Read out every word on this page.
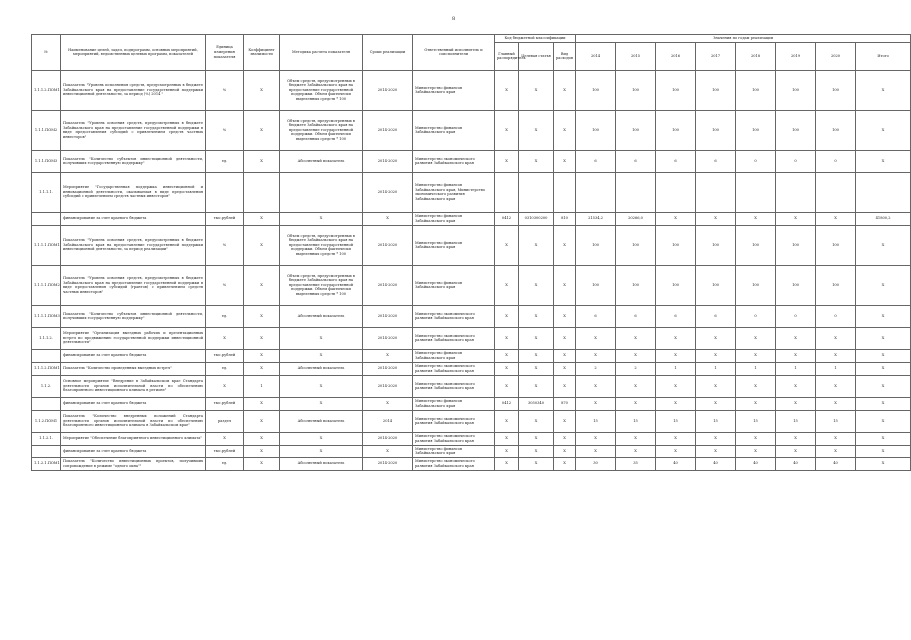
8
№	Наименование целей, задач, подпрограмм, основных мероприятий, мероприятий, ведомственных целевых программ, показателей	Единица измерения показателя	Коэффициент значимости	Методика расчета показателя	Сроки реализации	Ответственный исполнитель и соисполнители	Код бюджетной классификации			Значения по годам реализации							
							Главный распорядитель	Целевая статья	Вид расходов	2014	2015	2016	2017	2018	2019	2020	Итого
1.1.1.2.ПОМ1	Показатель "Уровень исполнения средств, предусмотренных в бюджете Забайкальского края на предоставление государственной поддержки инвестиционной деятельности, за период (%) 2014 "	%	Х	Объем средств, предусмотренных в бюджете Забайкальского края на предоставление государственной поддержки. Объем фактически выделенных средств * 100	2014-2020	Министерство финансов Забайкальского края	Х	Х	Х	100	100	100	100	100	100	100	Х
1.1.1.ПОМ2	Показатель "Уровень освоения средств, предусмотренных в бюджете Забайкальского края на предоставление государственной поддержки в виде предоставления субсидий с привлечением средств частных инвесторов"	%	Х	Объем средств, предусмотренных в бюджете Забайкальского края на предоставление государственной поддержки. Объем фактически выделенных средств * 100	2014-2020	Министерство финансов Забайкальского края	Х	Х	Х	100	100	100	100	100	100	100	Х
1.1.1.ПОМ3	Показатель "Количество субъектов инвестиционной деятельности, получивших государственную поддержку"	ед.	Х	Абсолютный показатель	2014-2020	Министерство экономического развития Забайкальского края	Х	Х	Х	6	6	6	6	0	0	0	Х
1.1.1.1.	Мероприятие "Государственная поддержка инвестиционной и инновационной деятельности, оказываемая в виде предоставления субсидий с привлечением средств частных инвесторов"				2014-2020	Министерство финансов Забайкальского края, Министерство экономического развития Забайкальского края											
	финансирование за счет краевого бюджета	тыс.рублей	Х	Х	Х	Министерство финансов Забайкальского края	0412	0310300200	810	21534,2	20266,0	Х	Х	Х	Х	Х	41800,2
1.1.1.1.ПОМ1	Показатель "Уровень освоения средств, предусмотренных в бюджете Забайкальского края на предоставление государственной поддержки инвестиционной деятельности, за период реализации"	%	Х	Объем средств, предусмотренных в бюджете Забайкальского края на предоставление государственной поддержки. Объем фактически выделенных средств * 100	2014-2020	Министерство финансов Забайкальского края	Х	Х	Х	100	100	100	100	100	100	100	Х
1.1.1.1.ПОМ2	Показатель "Уровень освоения средств, предусмотренных в бюджете Забайкальского края на предоставление государственной поддержки в виде предоставления субсидий (грантов) с привлечением средств частных инвесторов"	%	Х	Объем средств, предусмотренных в бюджете Забайкальского края на предоставление государственной поддержки. Объем фактически выделенных средств * 100	2014-2020	Министерство финансов Забайкальского края	Х	Х	Х	100	100	100	100	100	100	100	Х
1.1.1.1.ПОМ3	Показатель "Количество субъектов инвестиционной деятельности, получивших государственную поддержку"	ед.	Х	Абсолютный показатель	2014-2020	Министерство экономического развития Забайкальского края	Х	Х	Х	6	6	6	6	0	0	0	Х
1.1.1.2.	Мероприятие "Организация выездных рабочих и презентационных встреч по продвижению государственной поддержки инвестиционной деятельности"	Х	Х	Х	2014-2020	Министерство экономического развития Забайкальского края	Х	Х	Х	Х	Х	Х	Х	Х	Х	Х	Х
	финансирование за счет краевого бюджета	тыс.рублей	Х	Х	Х	Министерство финансов Забайкальского края	Х	Х	Х	Х	Х	Х	Х	Х	Х	Х	Х
1.1.1.2.ПОМ1	Показатель "Количество проведенных выездных встреч"	ед.	Х	Абсолютный показатель	2014-2020	Министерство экономического развития Забайкальского края	Х	Х	Х	2	2	1	1	1	1	1	Х
1.1.2.	Основное мероприятие "Внедрение в Забайкальском крае Стандарта деятельности органов исполнительной власти по обеспечению благоприятного инвестиционного климата в регионе"	Х	1	Х	2014-2020	Министерство экономического развития Забайкальского края	Х	Х	Х	Х	Х	Х	Х	Х	Х	Х	Х
	финансирование за счет краевого бюджета	тыс.рублей	Х	Х	Х	Министерство финансов Забайкальского края	0412	3050340	870	Х	Х	Х	Х	Х	Х	Х	Х
1.1.2.ПОМ1	Показатель "Количество внедренных положений Стандарта деятельности органов исполнительной власти по обеспечению благоприятного инвестиционного климата в Забайкальском крае"	раздел	Х	Абсолютный показатель	2014	Министерство экономического развития Забайкальского края	Х	Х	Х	15	15	15	15	15	15	15	Х
1.1.2.1.	Мероприятие "Обеспечение благоприятного инвестиционного климата"	Х	Х	Х	2014-2020	Министерство экономического развития Забайкальского края	Х	Х	Х	Х	Х	Х	Х	Х	Х	Х	Х
	финансирование за счет краевого бюджета	тыс.рублей	Х	Х	Х	Министерство финансов Забайкальского края	Х	Х	Х	Х	Х	Х	Х	Х	Х	Х	Х
1.1.2.1.ПОМ1	Показатель "Количество инвестиционных проектов, получивших сопровождение в режиме "одного окна""	ед.	Х	Абсолютный показатель	2014-2020	Министерство экономического развития Забайкальского края	Х	Х	Х	30	35	40	40	40	40	40	Х
